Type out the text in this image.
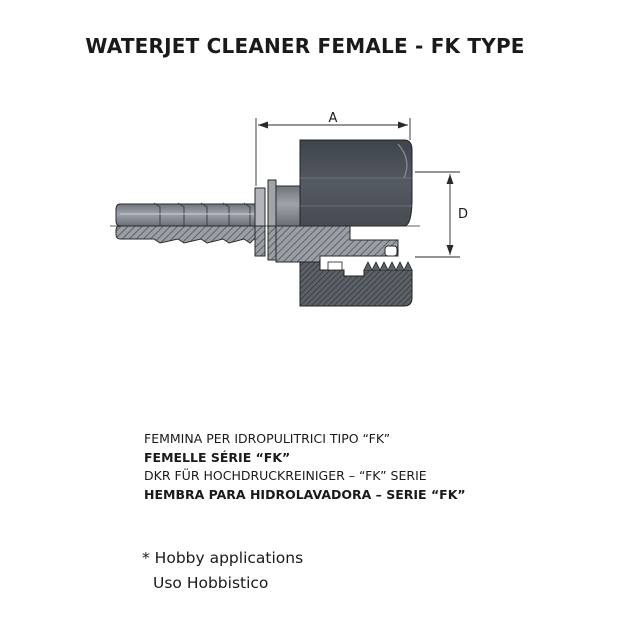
WATERJET CLEANER FEMALE - FK TYPE
A
D
FEMMINA PER IDROPULITRICI TIPO “FK”
FEMELLE SÉRIE “FK”
DKR FÜR HOCHDRUCKREINIGER – “FK” SERIE
HEMBRA PARA HIDROLAVADORA – SERIE “FK”
* Hobby applications
Uso Hobbistico
